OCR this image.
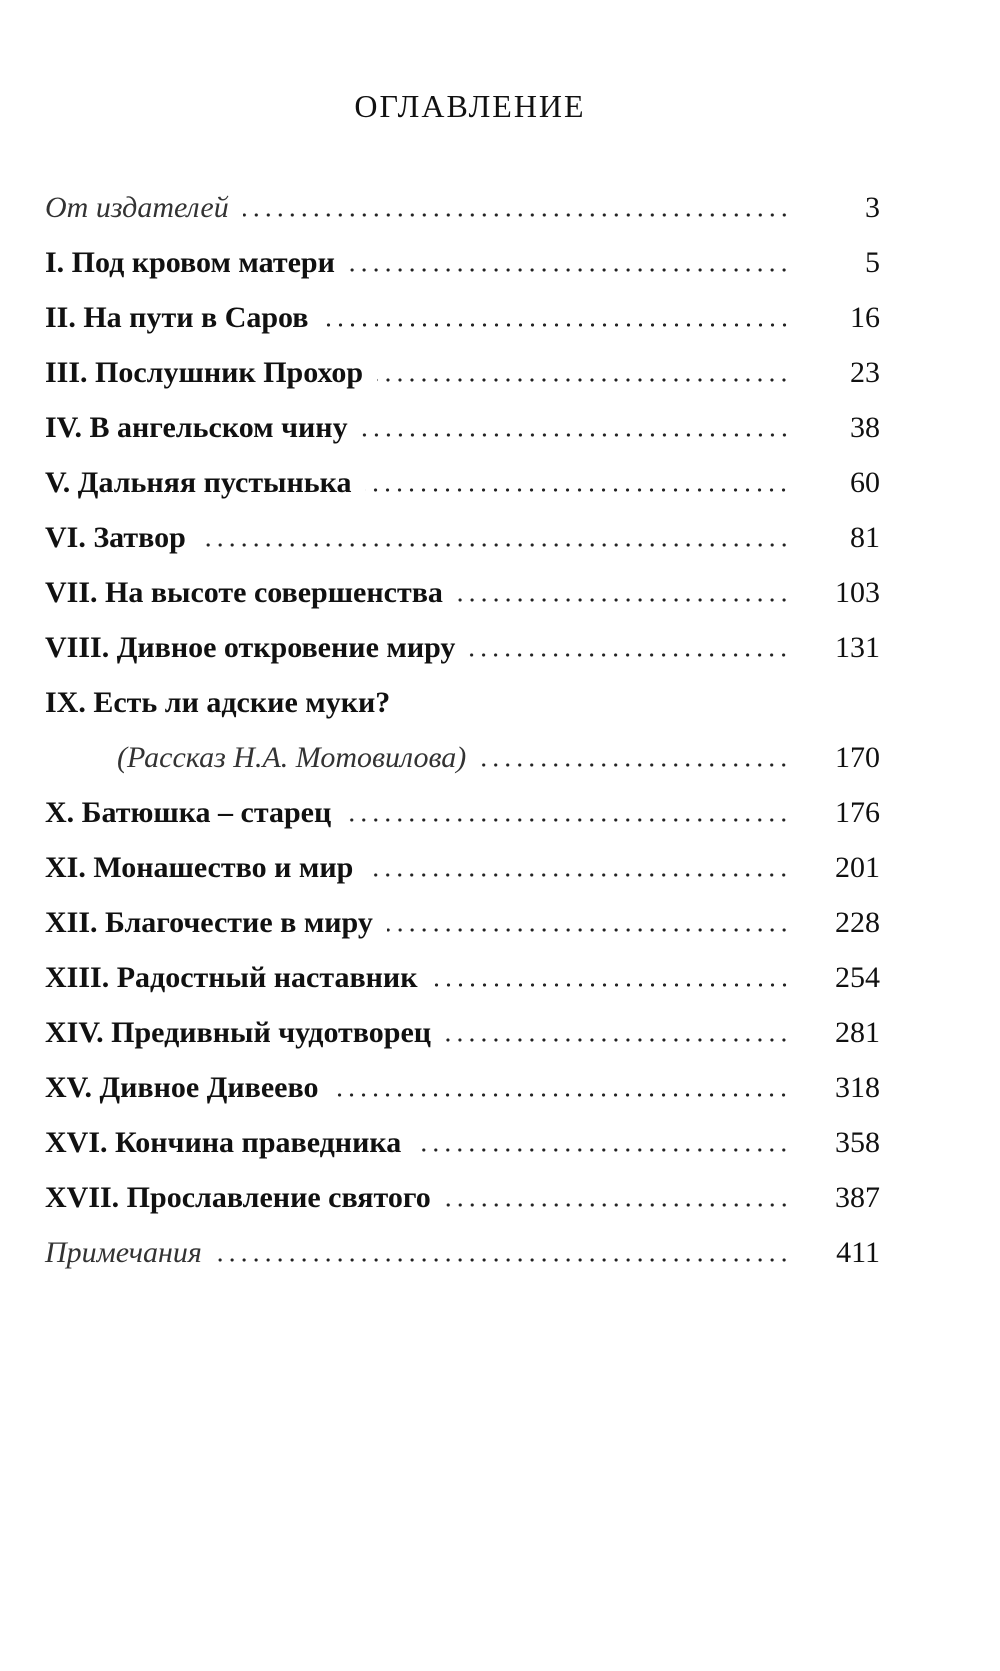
ОГЛАВЛЕНИЕ
От издателей	3
I. Под кровом матери	5
II. На пути в Саров	16
III. Послушник Прохор	23
IV. В ангельском чину	38
V. Дальняя пустынька	60
VI. Затвор	81
VII. На высоте совершенства	103
VIII. Дивное откровение миру	131
IX. Есть ли адские муки?
(Рассказ Н.А. Мотовилова)	170
X. Батюшка – старец	176
XI. Монашество и мир	201
XII. Благочестие в миру	228
XIII. Радостный наставник	254
XIV. Предивный чудотворец	281
XV. Дивное Дивеево	318
XVI. Кончина праведника	358
XVII. Прославление святого	387
Примечания	411
